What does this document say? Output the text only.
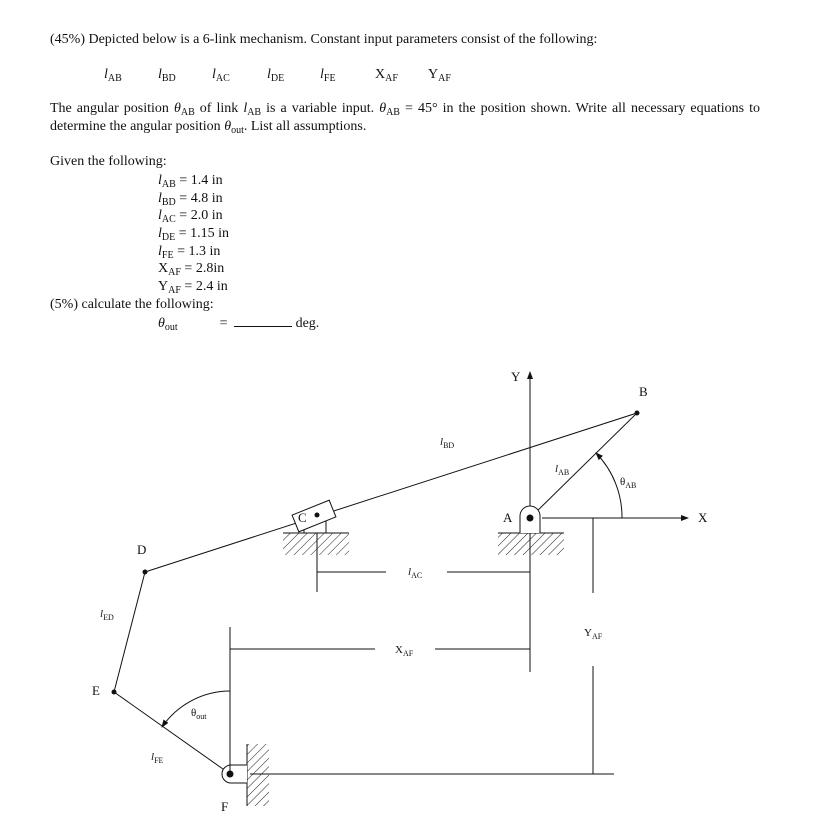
(45%) Depicted below is a 6-link mechanism. Constant input parameters consist of the following:
$l_{AB}$	$l_{BD}$	$l_{AC}$	$l_{DE}$	$l_{FE}$	$X_{AF}$ $Y_{AF}$
The angular position $\theta_{AB}$ of link $l_{AB}$ is a variable input. $\theta_{AB} = 45^\circ$ in the position shown. Write all necessary equations to determine the angular position $\theta_{out}$. List all assumptions.
Given the following:
$l_{AB} = 1.4$ in
$l_{BD} = 4.8$ in
$l_{AC} = 2.0$ in
$l_{DE} = 1.15$ in
$l_{FE} = 1.3$ in
$X_{AF} = 2.8in$
$Y_{AF} = 2.4$ in
(5%) calculate the following:
$\theta_{out}$	=	deg.
B
A
C
D
E
F
Y
X
lBD
lAB
θAB
lAC
XAF
YAF
lED
θout
lFE
